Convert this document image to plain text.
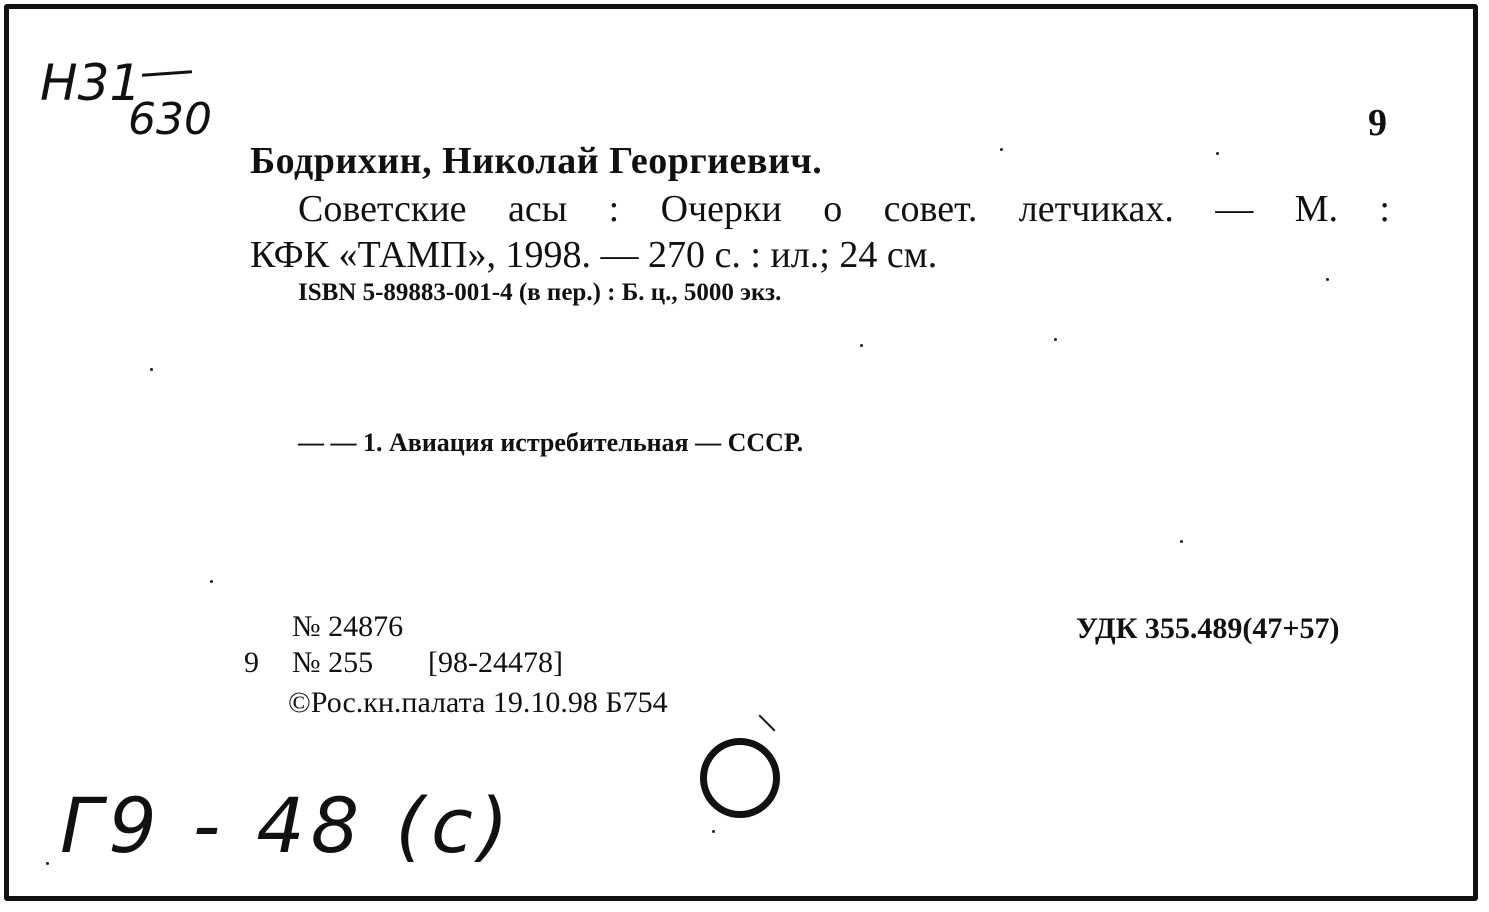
Н31
630	9
Бодрихин, Николай Георгиевич.
Советские асы : Очерки о совет. летчиках. — М. :
КФК «ТАМП», 1998. — 270 с. : ил.; 24 см.
ISBN 5-89883-001-4 (в пер.) : Б. ц., 5000 экз.
— — 1. Авиация истребительная — СССР.
№ 24876
9 № 255 [98-24478]
©Рос.кн.палата 19.10.98 Б754
УДК 355.489(47+57)
Г9 - 48 (с)
